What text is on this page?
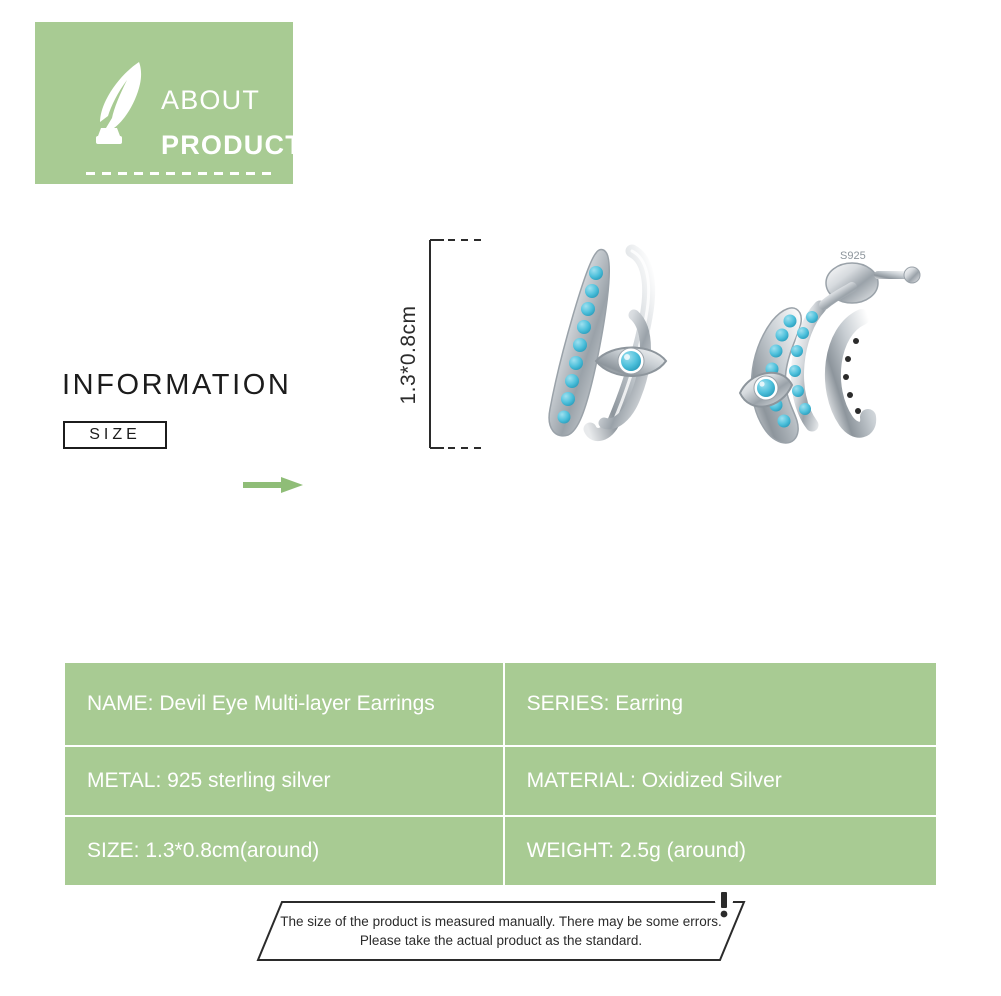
ABOUT
PRODUCT
INFORMATION
SIZE
1.3*0.8cm
S925
NAME: Devil Eye Multi-layer Earrings	SERIES: Earring
METAL: 925 sterling silver	MATERIAL: Oxidized Silver
SIZE: 1.3*0.8cm(around)	WEIGHT: 2.5g (around)
The size of the product is measured manually. There may be some errors.
Please take the actual product as the standard.
